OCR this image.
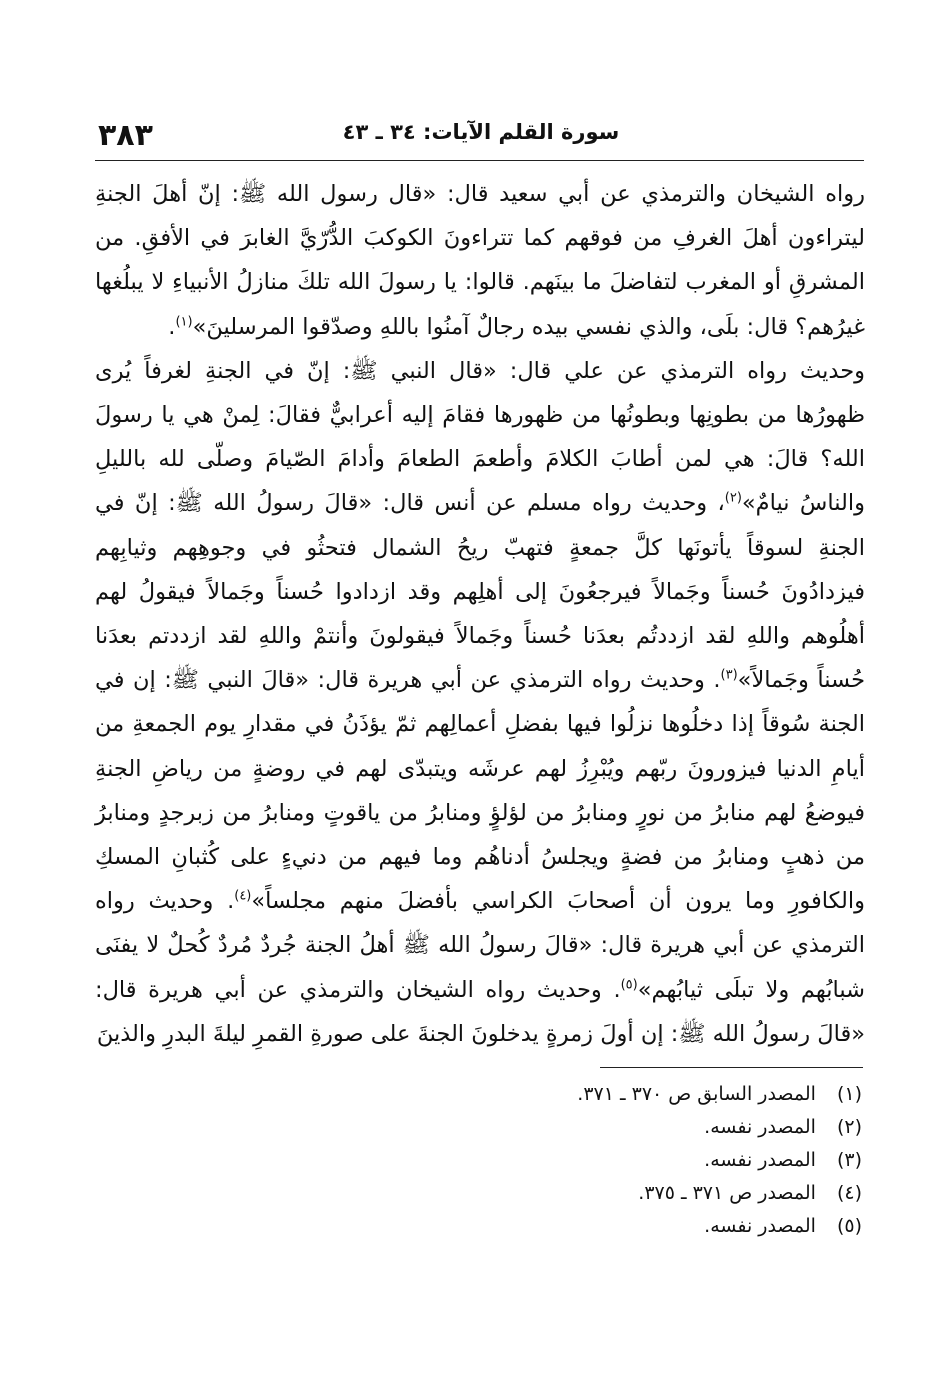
٣٨٣	سورة القلم الآيات: ٣٤ ـ ٤٣

رواه الشيخان والترمذي عن أبي سعيد قال: «قال رسول الله ﷺ: إنّ أهلَ الجنةِ ليتراءون أهلَ الغرفِ من فوقهم كما تتراءونَ الكوكبَ الدُّرّيَّ الغابرَ في الأفقِ. من المشرقِ أو المغرب لتفاضلَ ما بينَهم. قالوا: يا رسولَ الله تلكَ منازلُ الأنبياءِ لا يبلُغها غيرُهم؟ قال: بلَى، والذي نفسي بيده رجالٌ آمنُوا باللهِ وصدّقوا المرسلينَ»$^{(١)}$.

وحديث رواه الترمذي عن علي قال: «قال النبي ﷺ: إنّ في الجنةِ لغرفاً يُرى ظهورُها من بطونِها وبطونُها من ظهورها فقامَ إليه أعرابيٌّ فقالَ: لِمنْ هي يا رسولَ الله؟ قالَ: هي لمن أطابَ الكلامَ وأطعمَ الطعامَ وأدامَ الصّيامَ وصلّى لله بالليلِ والناسُ نيامٌ»$^{(٢)}$، وحديث رواه مسلم عن أنس قال: «قالَ رسولُ الله ﷺ: إنّ في الجنةِ لسوقاً يأتونَها كلَّ جمعةٍ فتهبّ ريحُ الشمال فتحثُو في وجوهِهم وثيابِهم فيزدادُونَ حُسناً وجَمالاً فيرجعُونَ إلى أهلِهم وقد ازدادوا حُسناً وجَمالاً فيقولُ لهم أهلُوهم واللهِ لقد ازددتُم بعدَنا حُسناً وجَمالاً فيقولونَ وأنتمْ واللهِ لقد ازددتم بعدَنا حُسناً وجَمالاً»$^{(٣)}$. وحديث رواه الترمذي عن أبي هريرة قال: «قالَ النبي ﷺ: إن في الجنة سُوقاً إذا دخلُوها نزلُوا فيها بفضلِ أعمالِهم ثمّ يؤذَنُ في مقدارِ يوم الجمعةِ من أيامِ الدنيا فيزورونَ ربّهم ويُبْرِزُ لهم عرشَه ويتبدّى لهم في روضةٍ من رياضِ الجنةِ فيوضعُ لهم منابرُ من نورٍ ومنابرُ من لؤلؤٍ ومنابرُ من ياقوتٍ ومنابرُ من زبرجدٍ ومنابرُ من ذهبٍ ومنابرُ من فضةٍ ويجلسُ أدناهُم وما فيهم من دنيءٍ على كُثبانِ المسكِ والكافورِ وما يرون أن أصحابَ الكراسي بأفضلَ منهم مجلساً»$^{(٤)}$. وحديث رواه الترمذي عن أبي هريرة قال: «قالَ رسولُ الله ﷺ أهلُ الجنة جُردٌ مُردٌ كُحلٌ لا يفنَى شبابُهم ولا تبلَى ثيابُهم»$^{(٥)}$. وحديث رواه الشيخان والترمذي عن أبي هريرة قال: «قالَ رسولُ الله ﷺ: إن أولَ زمرةٍ يدخلونَ الجنةَ على صورةِ القمرِ ليلةَ البدرِ والذينَ

(١) المصدر السابق ص ٣٧٠ ـ ٣٧١.
(٢) المصدر نفسه.
(٣) المصدر نفسه.
(٤) المصدر ص ٣٧١ ـ ٣٧٥.
(٥) المصدر نفسه.
